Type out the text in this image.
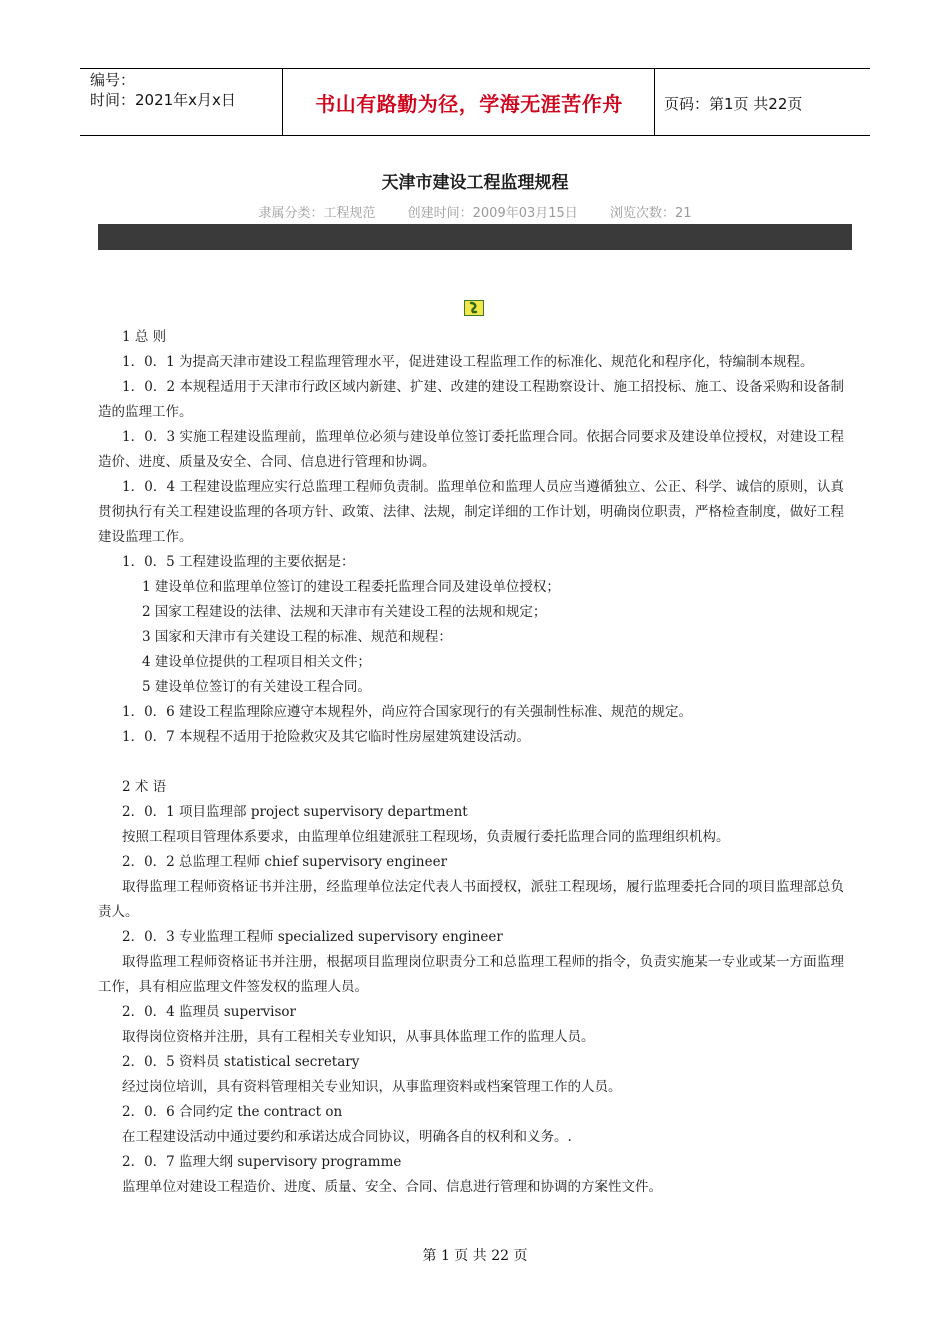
编号：
时间：2021年x月x日	书山有路勤为径，学海无涯苦作舟	页码：第1页 共22页
天津市建设工程监理规程
隶属分类：工程规范 创建时间：2009年03月15日 浏览次数：21

1 总 则

1．0．1 为提高天津市建设工程监理管理水平，促进建设工程监理工作的标准化、规范化和程序化，特编制本规程。

1．0．2 本规程适用于天津市行政区域内新建、扩建、改建的建设工程勘察设计、施工招投标、施工、设备采购和设备制造的监理工作。

1．0．3 实施工程建设监理前，监理单位必须与建设单位签订委托监理合同。依据合同要求及建设单位授权，对建设工程造价、进度、质量及安全、合同、信息进行管理和协调。

1．0．4 工程建设监理应实行总监理工程师负责制。监理单位和监理人员应当遵循独立、公正、科学、诚信的原则，认真贯彻执行有关工程建设监理的各项方针、政策、法律、法规，制定详细的工作计划，明确岗位职责，严格检查制度，做好工程建设监理工作。

1．0．5 工程建设监理的主要依据是：

1 建设单位和监理单位签订的建设工程委托监理合同及建设单位授权；

2 国家工程建设的法律、法规和天津市有关建设工程的法规和规定；

3 国家和天津市有关建设工程的标准、规范和规程：

4 建设单位提供的工程项目相关文件；

5 建设单位签订的有关建设工程合同。

1．0．6 建设工程监理除应遵守本规程外，尚应符合国家现行的有关强制性标准、规范的规定。

1．0．7 本规程不适用于抢险救灾及其它临时性房屋建筑建设活动。

2 术 语

2．0．1 项目监理部 project supervisory department

按照工程项目管理体系要求，由监理单位组建派驻工程现场，负责履行委托监理合同的监理组织机构。

2．0．2 总监理工程师 chief supervisory engineer

取得监理工程师资格证书并注册，经监理单位法定代表人书面授权，派驻工程现场，履行监理委托合同的项目监理部总负责人。

2．0．3 专业监理工程师 specialized supervisory engineer

取得监理工程师资格证书并注册，根据项目监理岗位职责分工和总监理工程师的指令，负责实施某一专业或某一方面监理工作，具有相应监理文件签发权的监理人员。

2．0．4 监理员 supervisor

取得岗位资格并注册，具有工程相关专业知识，从事具体监理工作的监理人员。

2．0．5 资料员 statistical secretary

经过岗位培训，具有资料管理相关专业知识，从事监理资料或档案管理工作的人员。

2．0．6 合同约定 the contract on

在工程建设活动中通过要约和承诺达成合同协议，明确各自的权利和义务。.

2．0．7 监理大纲 supervisory programme

监理单位对建设工程造价、进度、质量、安全、合同、信息进行管理和协调的方案性文件。

第 1 页 共 22 页
